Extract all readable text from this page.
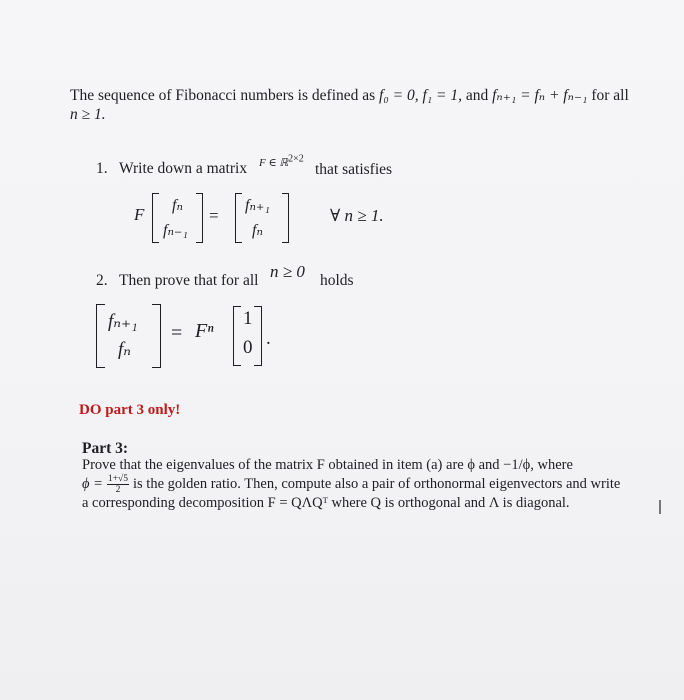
The sequence of Fibonacci numbers is defined as f₀ = 0, f₁ = 1, and fₙ₊₁ = fₙ + fₙ₋₁ for all
n ≥ 1.
1. Write down a matrix F ∈ ℝ$^{2\times 2}$
that satisfies
F fₙ
fₙ₋₁
=
fₙ₊₁
fₙ
∀ n ≥ 1.
2. Then prove that for all n ≥ 0 holds
fₙ₊₁
fₙ
= Fⁿ
1
0 .
DO part 3 only!
Part 3:
Prove that the eigenvalues of the matrix F obtained in item (a) are ϕ and −1/ϕ, where
$\phi = \frac{1+√5}{2}$ is the golden ratio. Then, compute also a pair of orthonormal eigenvectors and write
a corresponding decomposition F = QΛQᵀ where Q is orthogonal and Λ is diagonal.
